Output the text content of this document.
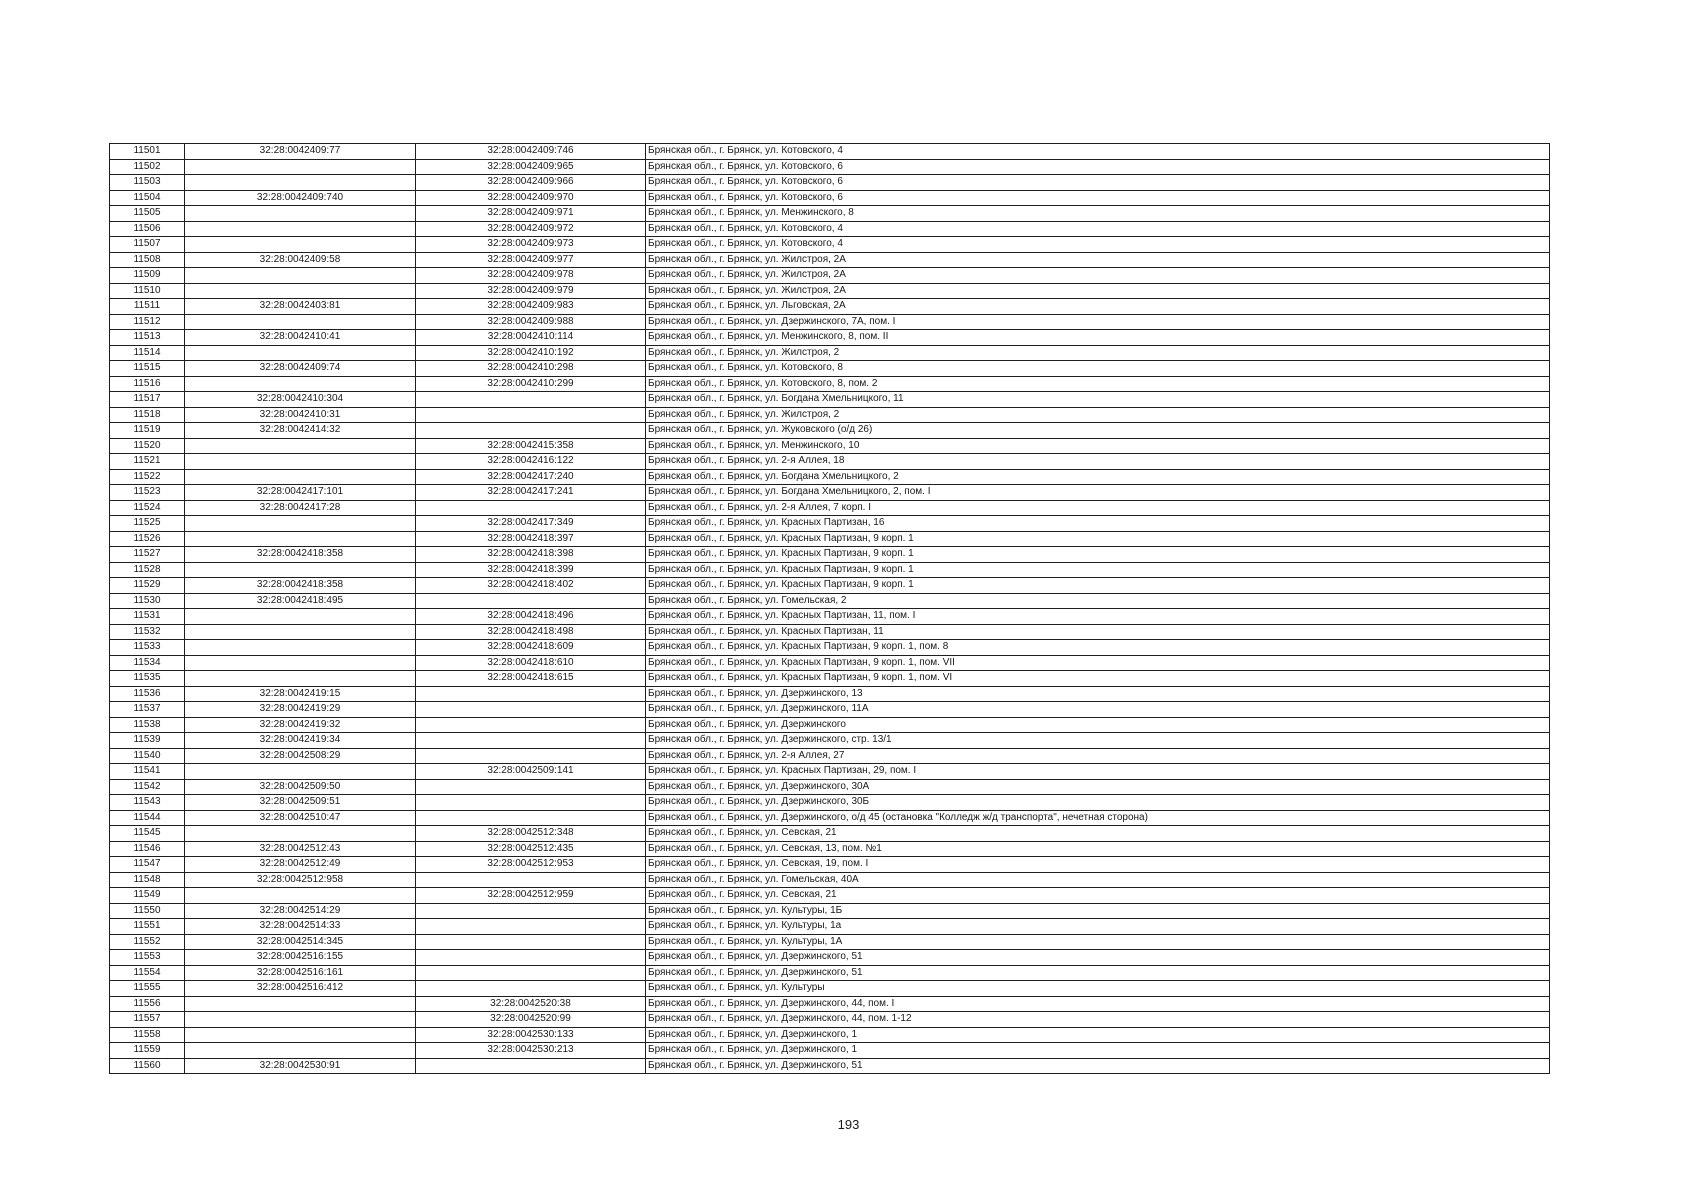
11501	32:28:0042409:77	32:28:0042409:746	Брянская обл., г. Брянск, ул. Котовского, 4
11502		32:28:0042409:965	Брянская обл., г. Брянск, ул. Котовского, 6
11503		32:28:0042409:966	Брянская обл., г. Брянск, ул. Котовского, 6
11504	32:28:0042409:740	32:28:0042409:970	Брянская обл., г. Брянск, ул. Котовского, 6
11505		32:28:0042409:971	Брянская обл., г. Брянск, ул. Менжинского, 8
11506		32:28:0042409:972	Брянская обл., г. Брянск, ул. Котовского, 4
11507		32:28:0042409:973	Брянская обл., г. Брянск, ул. Котовского, 4
11508	32:28:0042409:58	32:28:0042409:977	Брянская обл., г. Брянск, ул. Жилстроя, 2А
11509		32:28:0042409:978	Брянская обл., г. Брянск, ул. Жилстроя, 2А
11510		32:28:0042409:979	Брянская обл., г. Брянск, ул. Жилстроя, 2А
11511	32:28:0042403:81	32:28:0042409:983	Брянская обл., г. Брянск, ул. Льговская, 2А
11512		32:28:0042409:988	Брянская обл., г. Брянск, ул. Дзержинского, 7А, пом. I
11513	32:28:0042410:41	32:28:0042410:114	Брянская обл., г. Брянск, ул. Менжинского, 8, пом. II
11514		32:28:0042410:192	Брянская обл., г. Брянск, ул. Жилстроя, 2
11515	32:28:0042409:74	32:28:0042410:298	Брянская обл., г. Брянск, ул. Котовского, 8
11516		32:28:0042410:299	Брянская обл., г. Брянск, ул. Котовского, 8, пом. 2
11517	32:28:0042410:304		Брянская обл., г. Брянск, ул. Богдана Хмельницкого, 11
11518	32:28:0042410:31		Брянская обл., г. Брянск, ул. Жилстроя, 2
11519	32:28:0042414:32		Брянская обл., г. Брянск, ул. Жуковского (о/д 26)
11520		32:28:0042415:358	Брянская обл., г. Брянск, ул. Менжинского, 10
11521		32:28:0042416:122	Брянская обл., г. Брянск, ул. 2-я Аллея, 18
11522		32:28:0042417:240	Брянская обл., г. Брянск, ул. Богдана Хмельницкого, 2
11523	32:28:0042417:101	32:28:0042417:241	Брянская обл., г. Брянск, ул. Богдана Хмельницкого, 2, пом. I
11524	32:28:0042417:28		Брянская обл., г. Брянск, ул. 2-я Аллея, 7 корп. I
11525		32:28:0042417:349	Брянская обл., г. Брянск, ул. Красных Партизан, 16
11526		32:28:0042418:397	Брянская обл., г. Брянск, ул. Красных Партизан, 9 корп. 1
11527	32:28:0042418:358	32:28:0042418:398	Брянская обл., г. Брянск, ул. Красных Партизан, 9 корп. 1
11528		32:28:0042418:399	Брянская обл., г. Брянск, ул. Красных Партизан, 9 корп. 1
11529	32:28:0042418:358	32:28:0042418:402	Брянская обл., г. Брянск, ул. Красных Партизан, 9 корп. 1
11530	32:28:0042418:495		Брянская обл., г. Брянск, ул. Гомельская, 2
11531		32:28:0042418:496	Брянская обл., г. Брянск, ул. Красных Партизан, 11, пом. I
11532		32:28:0042418:498	Брянская обл., г. Брянск, ул. Красных Партизан, 11
11533		32:28:0042418:609	Брянская обл., г. Брянск, ул. Красных Партизан, 9 корп. 1, пом. 8
11534		32:28:0042418:610	Брянская обл., г. Брянск, ул. Красных Партизан, 9 корп. 1, пом. VII
11535		32:28:0042418:615	Брянская обл., г. Брянск, ул. Красных Партизан, 9 корп. 1, пом. VI
11536	32:28:0042419:15		Брянская обл., г. Брянск, ул. Дзержинского, 13
11537	32:28:0042419:29		Брянская обл., г. Брянск, ул. Дзержинского, 11А
11538	32:28:0042419:32		Брянская обл., г. Брянск, ул. Дзержинского
11539	32:28:0042419:34		Брянская обл., г. Брянск, ул. Дзержинского, стр. 13/1
11540	32:28:0042508:29		Брянская обл., г. Брянск, ул. 2-я Аллея, 27
11541		32:28:0042509:141	Брянская обл., г. Брянск, ул. Красных Партизан, 29, пом. I
11542	32:28:0042509:50		Брянская обл., г. Брянск, ул. Дзержинского, 30А
11543	32:28:0042509:51		Брянская обл., г. Брянск, ул. Дзержинского, 30Б
11544	32:28:0042510:47		Брянская обл., г. Брянск, ул. Дзержинского, о/д 45 (остановка "Колледж ж/д транспорта", нечетная сторона)
11545		32:28:0042512:348	Брянская обл., г. Брянск, ул. Севская, 21
11546	32:28:0042512:43	32:28:0042512:435	Брянская обл., г. Брянск, ул. Севская, 13, пом. №1
11547	32:28:0042512:49	32:28:0042512:953	Брянская обл., г. Брянск, ул. Севская, 19, пом. I
11548	32:28:0042512:958		Брянская обл., г. Брянск, ул. Гомельская, 40А
11549		32:28:0042512:959	Брянская обл., г. Брянск, ул. Севская, 21
11550	32:28:0042514:29		Брянская обл., г. Брянск, ул. Культуры, 1Б
11551	32:28:0042514:33		Брянская обл., г. Брянск, ул. Культуры, 1а
11552	32:28:0042514:345		Брянская обл., г. Брянск, ул. Культуры, 1А
11553	32:28:0042516:155		Брянская обл., г. Брянск, ул. Дзержинского, 51
11554	32:28:0042516:161		Брянская обл., г. Брянск, ул. Дзержинского, 51
11555	32:28:0042516:412		Брянская обл., г. Брянск, ул. Культуры
11556		32:28:0042520:38	Брянская обл., г. Брянск, ул. Дзержинского, 44, пом. I
11557		32:28:0042520:99	Брянская обл., г. Брянск, ул. Дзержинского, 44, пом. 1-12
11558		32:28:0042530:133	Брянская обл., г. Брянск, ул. Дзержинского, 1
11559		32:28:0042530:213	Брянская обл., г. Брянск, ул. Дзержинского, 1
11560	32:28:0042530:91		Брянская обл., г. Брянск, ул. Дзержинского, 51
193
